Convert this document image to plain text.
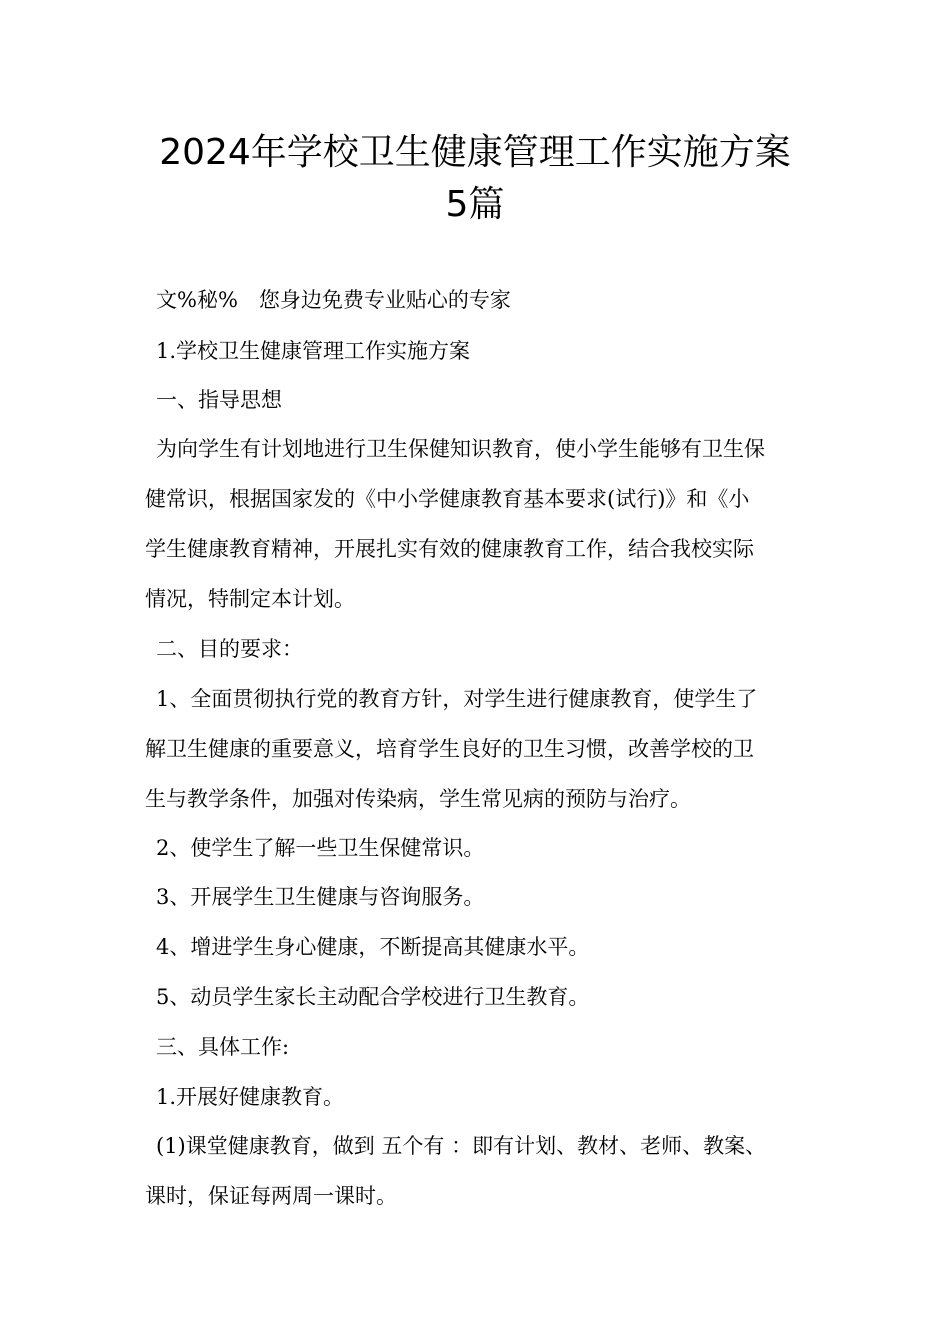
2024年学校卫生健康管理工作实施方案
5篇
文%秘%　您身边免费专业贴心的专家
1.学校卫生健康管理工作实施方案
一、指导思想
为向学生有计划地进行卫生保健知识教育，使小学生能够有卫生保
健常识，根据国家发的《中小学健康教育基本要求(试行)》和《小
学生健康教育精神，开展扎实有效的健康教育工作，结合我校实际
情况，特制定本计划。
二、目的要求：
1、全面贯彻执行党的教育方针，对学生进行健康教育，使学生了
解卫生健康的重要意义，培育学生良好的卫生习惯，改善学校的卫
生与教学条件，加强对传染病，学生常见病的预防与治疗。
2、使学生了解一些卫生保健常识。
3、开展学生卫生健康与咨询服务。
4、增进学生身心健康，不断提高其健康水平。
5、动员学生家长主动配合学校进行卫生教育。
三、具体工作:
1.开展好健康教育。
(1)课堂健康教育，做到 五个有 ：即有计划、教材、老师、教案、
课时，保证每两周一课时。
